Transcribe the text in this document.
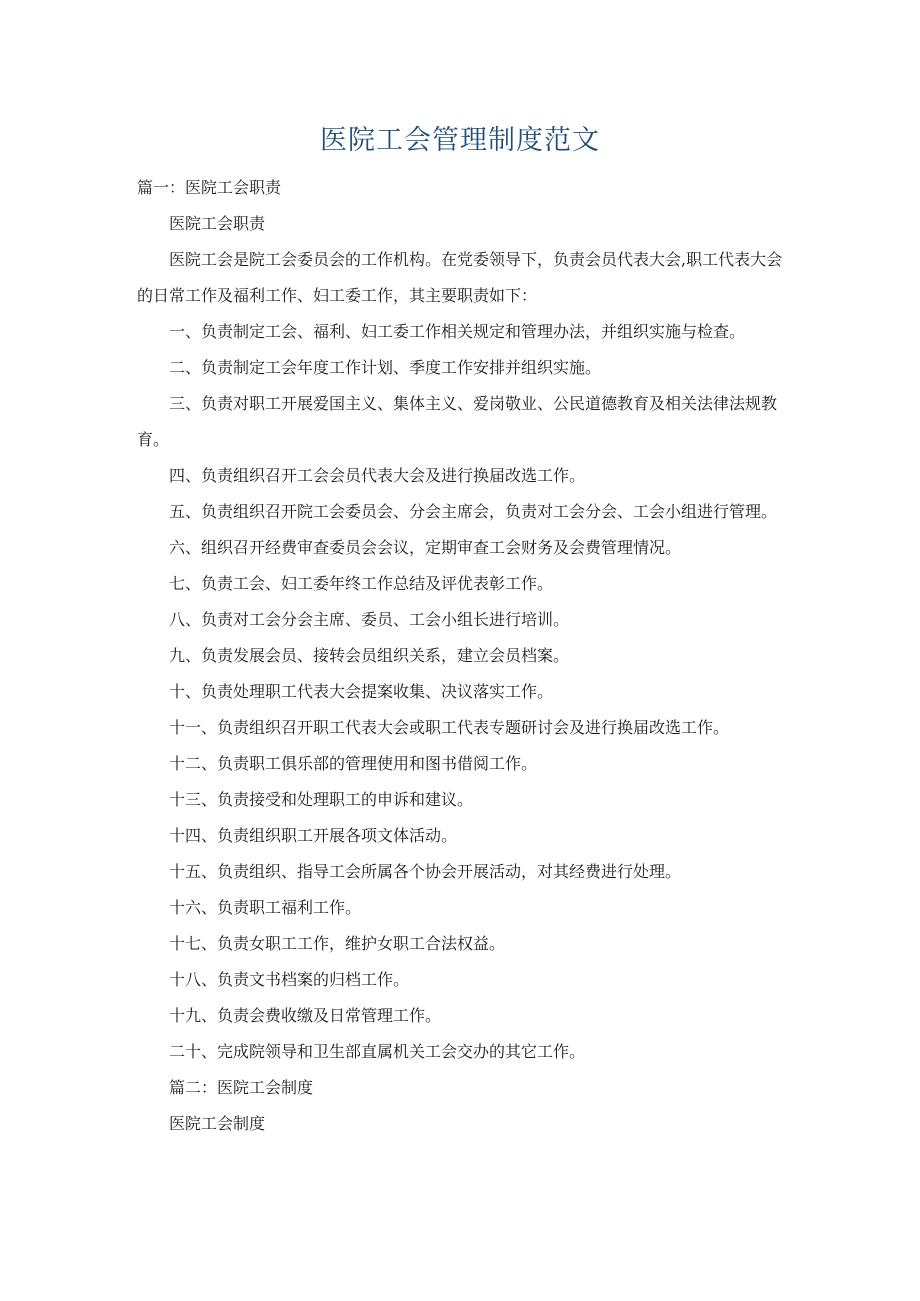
医院工会管理制度范文

篇一：医院工会职责

医院工会职责

医院工会是院工会委员会的工作机构。在党委领导下，负责会员代表大会,职工代表大会的日常工作及福利工作、妇工委工作，其主要职责如下：

一、负责制定工会、福利、妇工委工作相关规定和管理办法，并组织实施与检查。

二、负责制定工会年度工作计划、季度工作安排并组织实施。

三、负责对职工开展爱国主义、集体主义、爱岗敬业、公民道德教育及相关法律法规教育。

四、负责组织召开工会会员代表大会及进行换届改选工作。

五、负责组织召开院工会委员会、分会主席会，负责对工会分会、工会小组进行管理。

六、组织召开经费审查委员会会议，定期审查工会财务及会费管理情况。

七、负责工会、妇工委年终工作总结及评优表彰工作。

八、负责对工会分会主席、委员、工会小组长进行培训。

九、负责发展会员、接转会员组织关系，建立会员档案。

十、负责处理职工代表大会提案收集、决议落实工作。

十一、负责组织召开职工代表大会或职工代表专题研讨会及进行换届改选工作。

十二、负责职工俱乐部的管理使用和图书借阅工作。

十三、负责接受和处理职工的申诉和建议。

十四、负责组织职工开展各项文体活动。

十五、负责组织、指导工会所属各个协会开展活动，对其经费进行处理。

十六、负责职工福利工作。

十七、负责女职工工作，维护女职工合法权益。

十八、负责文书档案的归档工作。

十九、负责会费收缴及日常管理工作。

二十、完成院领导和卫生部直属机关工会交办的其它工作。

篇二：医院工会制度

医院工会制度
